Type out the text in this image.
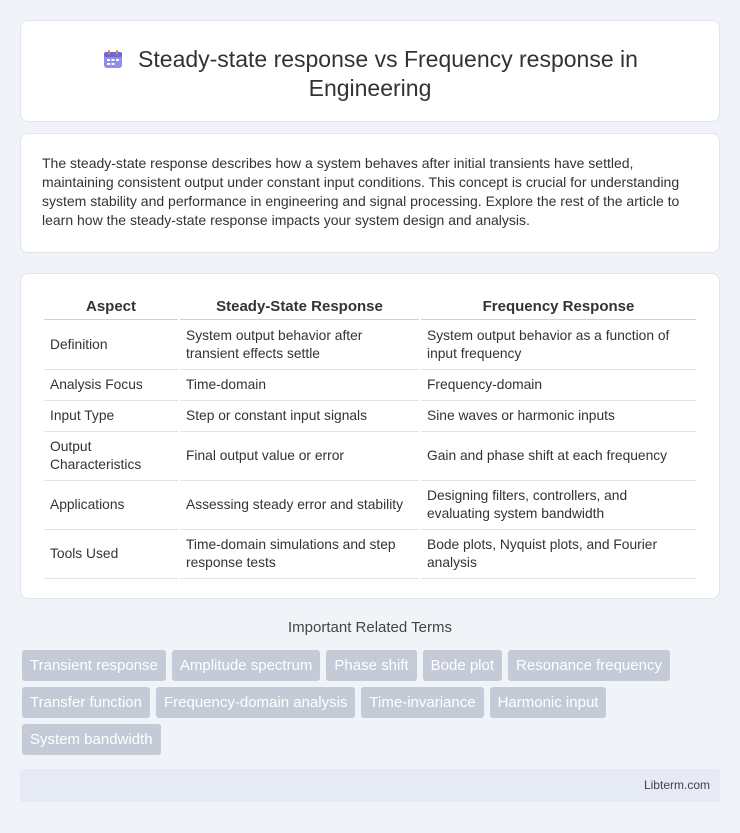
Steady-state response vs Frequency response in Engineering

The steady-state response describes how a system behaves after initial transients have settled, maintaining consistent output under constant input conditions. This concept is crucial for understanding system stability and performance in engineering and signal processing. Explore the rest of the article to learn how the steady-state response impacts your system design and analysis.

Aspect	Steady-State Response	Frequency Response
Definition	System output behavior after transient effects settle	System output behavior as a function of input frequency
Analysis Focus	Time-domain	Frequency-domain
Input Type	Step or constant input signals	Sine waves or harmonic inputs
Output Characteristics	Final output value or error	Gain and phase shift at each frequency
Applications	Assessing steady error and stability	Designing filters, controllers, and evaluating system bandwidth
Tools Used	Time-domain simulations and step response tests	Bode plots, Nyquist plots, and Fourier analysis
Important Related Terms
Transient response	Amplitude spectrum	Phase shift	Bode plot	Resonance frequency
Transfer function	Frequency-domain analysis	Time-invariance	Harmonic input
System bandwidth
Libterm.com
